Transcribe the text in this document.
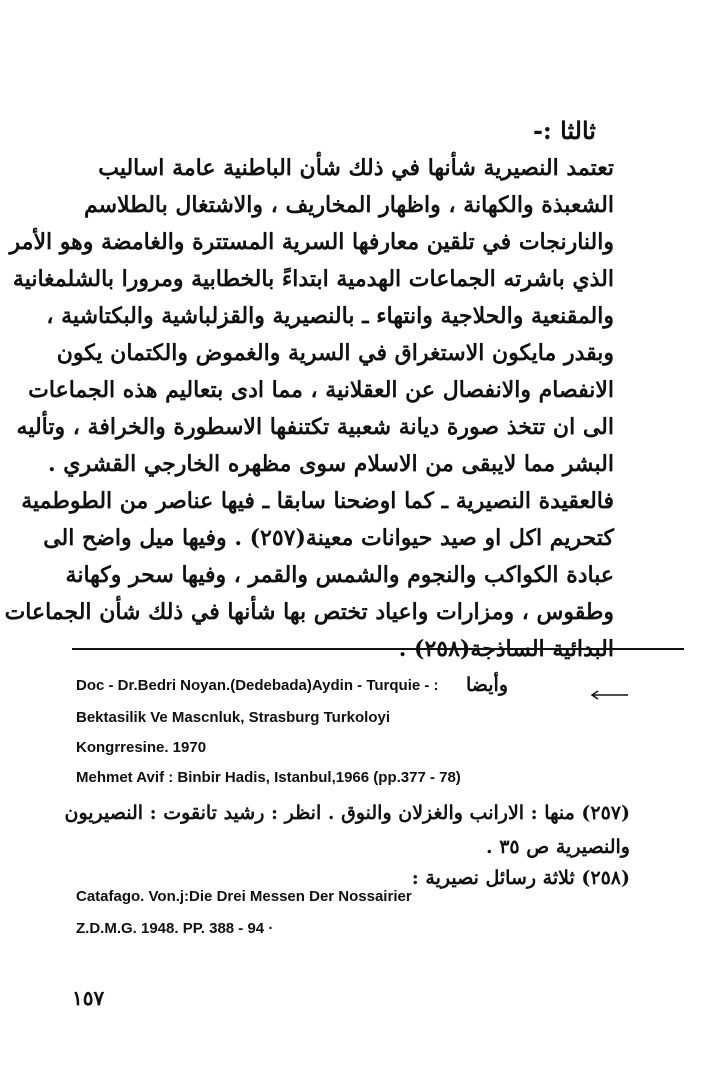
ثالثا :-
تعتمد النصيرية شأنها في ذلك شأن الباطنية عامة اساليب
الشعبذة والكهانة ، واظهار المخاريف ، والاشتغال بالطلاسم
والنارنجات في تلقين معارفها السرية المستترة والغامضة وهو الأمر
الذي باشرته الجماعات الهدمية ابتداءً بالخطابية ومرورا بالشلمغانية
والمقنعية والحلاجية وانتهاء ـ بالنصيرية والقزلباشية والبكتاشية ،
وبقدر مايكون الاستغراق في السرية والغموض والكتمان يكون
الانفصام والانفصال عن العقلانية ، مما ادى بتعاليم هذه الجماعات
الى ان تتخذ صورة ديانة شعبية تكتنفها الاسطورة والخرافة ، وتأليه
البشر مما لايبقى من الاسلام سوى مظهره الخارجي القشري .
فالعقيدة النصيرية ـ كما اوضحنا سابقا ـ فيها عناصر من الطوطمية
كتحريم اكل او صيد حيوانات معينة(٢٥٧) . وفيها ميل واضح الى
عبادة الكواكب والنجوم والشمس والقمر ، وفيها سحر وكهانة
وطقوس ، ومزارات واعياد تختص بها شأنها في ذلك شأن الجماعات
البدائية الساذجة(٢٥٨) .
وأيضا
Doc - Dr.Bedri Noyan.(Dedebada)Aydin - Turquie - :
Bektasilik Ve Mascnluk, Strasburg Turkoloyi
Kongrresine. 1970
Mehmet Avif : Binbir Hadis, Istanbul,1966 (pp.377 - 78)
(٢٥٧) منها : الارانب والغزلان والنوق . انظر : رشيد تانقوت : النصيريون
والنصيرية ص ٣٥ .
(٢٥٨) ثلاثة رسائل نصيرية :
Catafago. Von.j:Die Drei Messen Der Nossairier
Z.D.M.G. 1948. PP. 388 - 94 ·
١٥٧
